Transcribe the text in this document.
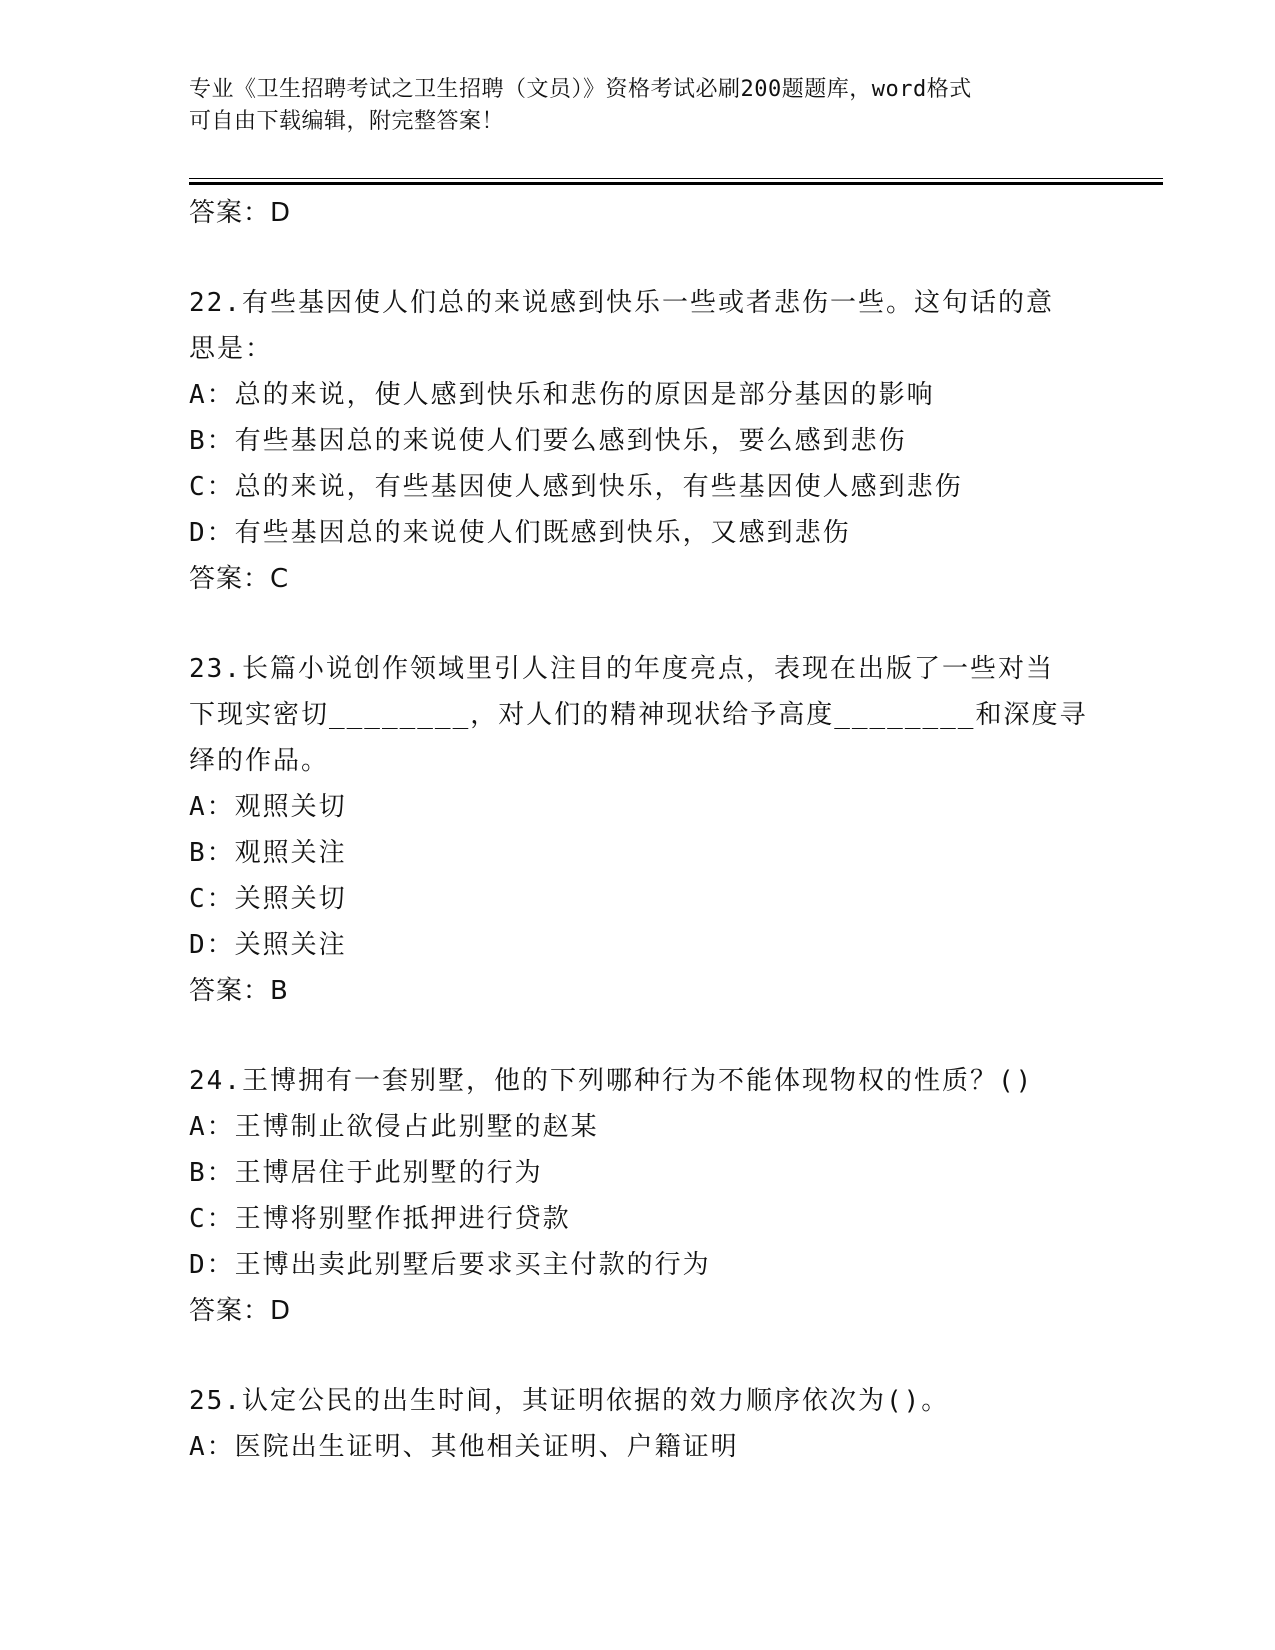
专业《卫生招聘考试之卫生招聘（文员）》资格考试必刷200题题库，word格式
可自由下载编辑，附完整答案！
答案：D
22.有些基因使人们总的来说感到快乐一些或者悲伤一些。这句话的意
思是：
A：总的来说，使人感到快乐和悲伤的原因是部分基因的影响
B：有些基因总的来说使人们要么感到快乐，要么感到悲伤
C：总的来说，有些基因使人感到快乐，有些基因使人感到悲伤
D：有些基因总的来说使人们既感到快乐，又感到悲伤
答案：C
23.长篇小说创作领域里引人注目的年度亮点，表现在出版了一些对当
下现实密切________，对人们的精神现状给予高度________和深度寻
绎的作品。
A：观照关切
B：观照关注
C：关照关切
D：关照关注
答案：B
24.王博拥有一套别墅，他的下列哪种行为不能体现物权的性质？()
A：王博制止欲侵占此别墅的赵某
B：王博居住于此别墅的行为
C：王博将别墅作抵押进行贷款
D：王博出卖此别墅后要求买主付款的行为
答案：D
25.认定公民的出生时间，其证明依据的效力顺序依次为()。
A：医院出生证明、其他相关证明、户籍证明
